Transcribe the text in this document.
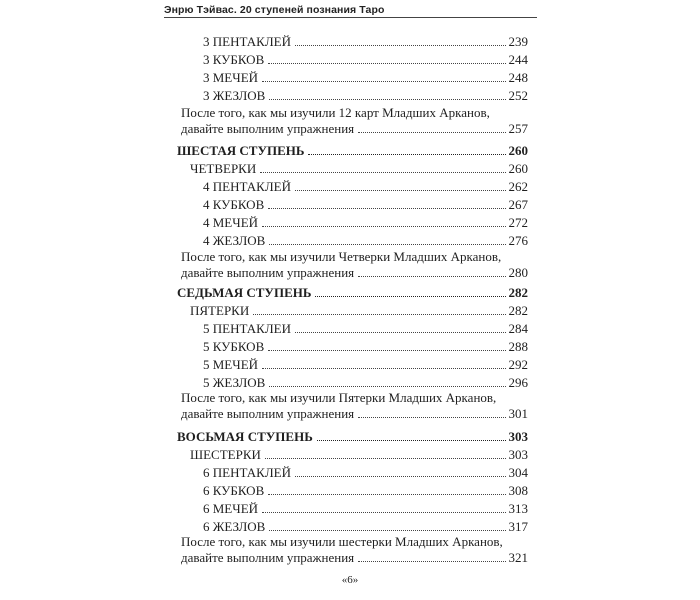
Энрю Тэйвас. 20 ступеней познания Таро
3 ПЕНТАКЛЕЙ	239
3 КУБКОВ	244
3 МЕЧЕЙ	248
3 ЖЕЗЛОВ	252
После того, как мы изучили 12 карт Младших Арканов,
давайте выполним упражнения	257
ШЕСТАЯ СТУПЕНЬ	260
ЧЕТВЕРКИ	260
4 ПЕНТАКЛЕЙ	262
4 КУБКОВ	267
4 МЕЧЕЙ	272
4 ЖЕЗЛОВ	276
После того, как мы изучили Четверки Младших Арканов,
давайте выполним упражнения	280
СЕДЬМАЯ СТУПЕНЬ	282
ПЯТЕРКИ	282
5 ПЕНТАКЛЕИ	284
5 КУБКОВ	288
5 МЕЧЕЙ	292
5 ЖЕЗЛОВ	296
После того, как мы изучили Пятерки Младших Арканов,
давайте выполним упражнения	301
ВОСЬМАЯ СТУПЕНЬ	303
ШЕСТЕРКИ	303
6 ПЕНТАКЛЕЙ	304
6 КУБКОВ	308
6 МЕЧЕЙ	313
6 ЖЕЗЛОВ	317
После того, как мы изучили шестерки Младших Арканов,
давайте выполним упражнения	321
«6»
